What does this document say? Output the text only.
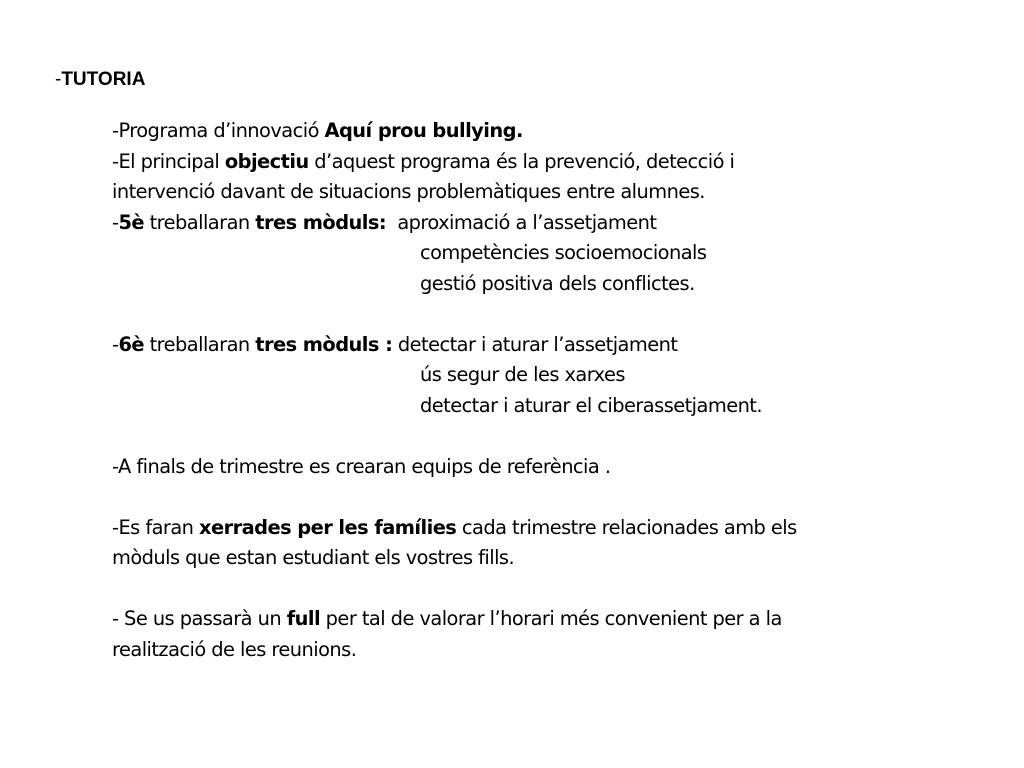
-TUTORIA
-Programa d’innovació Aquí prou bullying.
-El principal objectiu d’aquest programa és la prevenció, detecció i
intervenció davant de situacions problemàtiques entre alumnes.
-5è treballaran tres mòduls: aproximació a l’assetjament
competències socioemocionals
gestió positiva dels conflictes.
-6è treballaran tres mòduls : detectar i aturar l’assetjament
ús segur de les xarxes
detectar i aturar el ciberassetjament.
-A finals de trimestre es crearan equips de referència .
-Es faran xerrades per les famílies cada trimestre relacionades amb els
mòduls que estan estudiant els vostres fills.
- Se us passarà un full per tal de valorar l’horari més convenient per a la
realització de les reunions.
